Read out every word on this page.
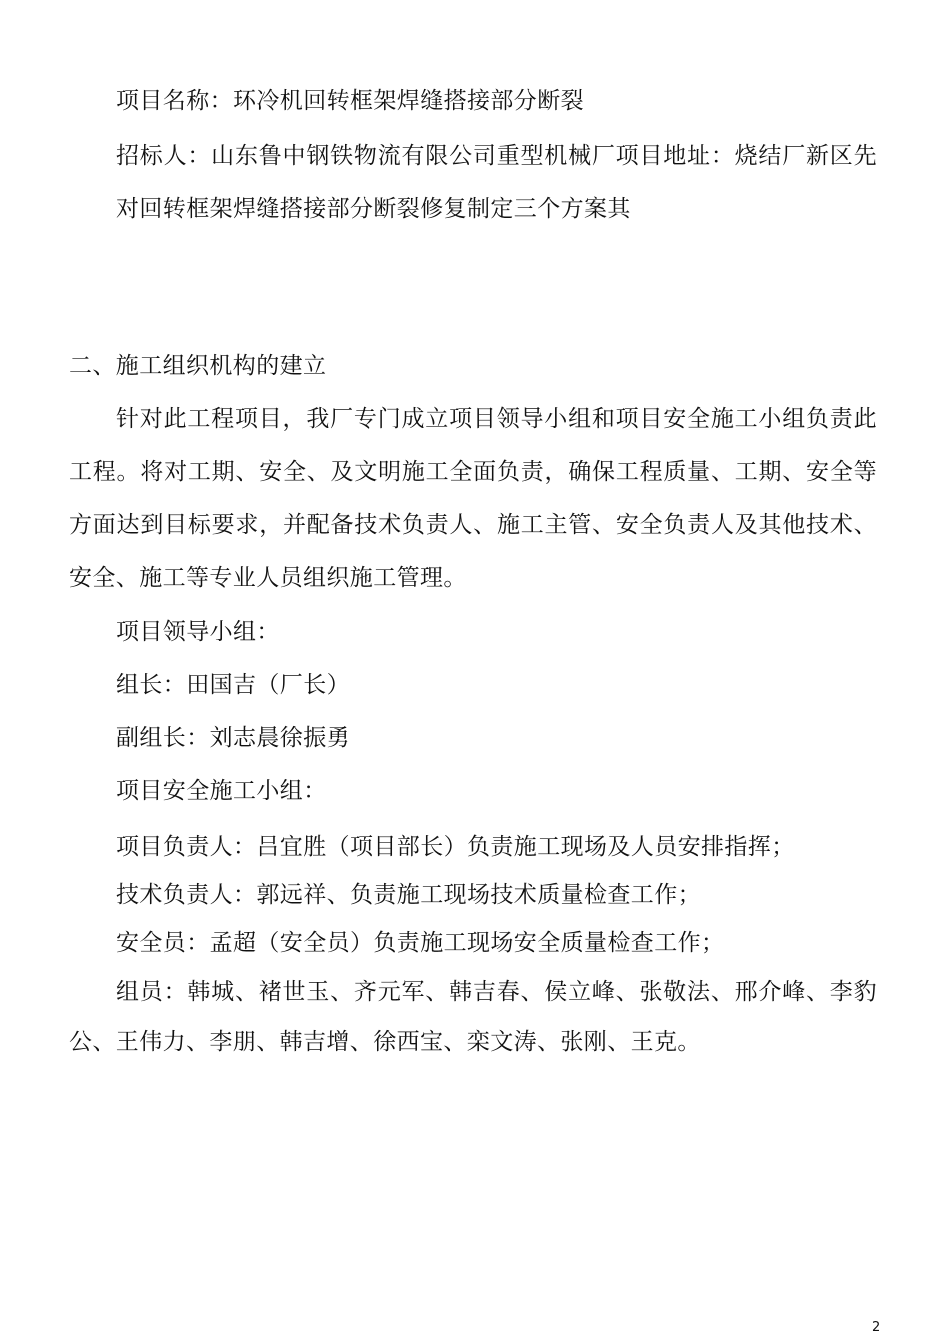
项目名称：环冷机回转框架焊缝搭接部分断裂
招标人：山东鲁中钢铁物流有限公司重型机械厂项目地址：烧结厂新区先
对回转框架焊缝搭接部分断裂修复制定三个方案其
二、施工组织机构的建立
针对此工程项目，我厂专门成立项目领导小组和项目安全施工小组负责此
工程。将对工期、安全、及文明施工全面负责，确保工程质量、工期、安全等
方面达到目标要求，并配备技术负责人、施工主管、安全负责人及其他技术、
安全、施工等专业人员组织施工管理。
项目领导小组：
组长：田国吉（厂长）
副组长：刘志晨徐振勇
项目安全施工小组：
项目负责人：吕宜胜（项目部长）负责施工现场及人员安排指挥；
技术负责人：郭远祥、负责施工现场技术质量检查工作；
安全员：孟超（安全员）负责施工现场安全质量检查工作；
组员：韩城、褚世玉、齐元军、韩吉春、侯立峰、张敬法、邢介峰、李豹
公、王伟力、李朋、韩吉增、徐西宝、栾文涛、张刚、王克。
2
